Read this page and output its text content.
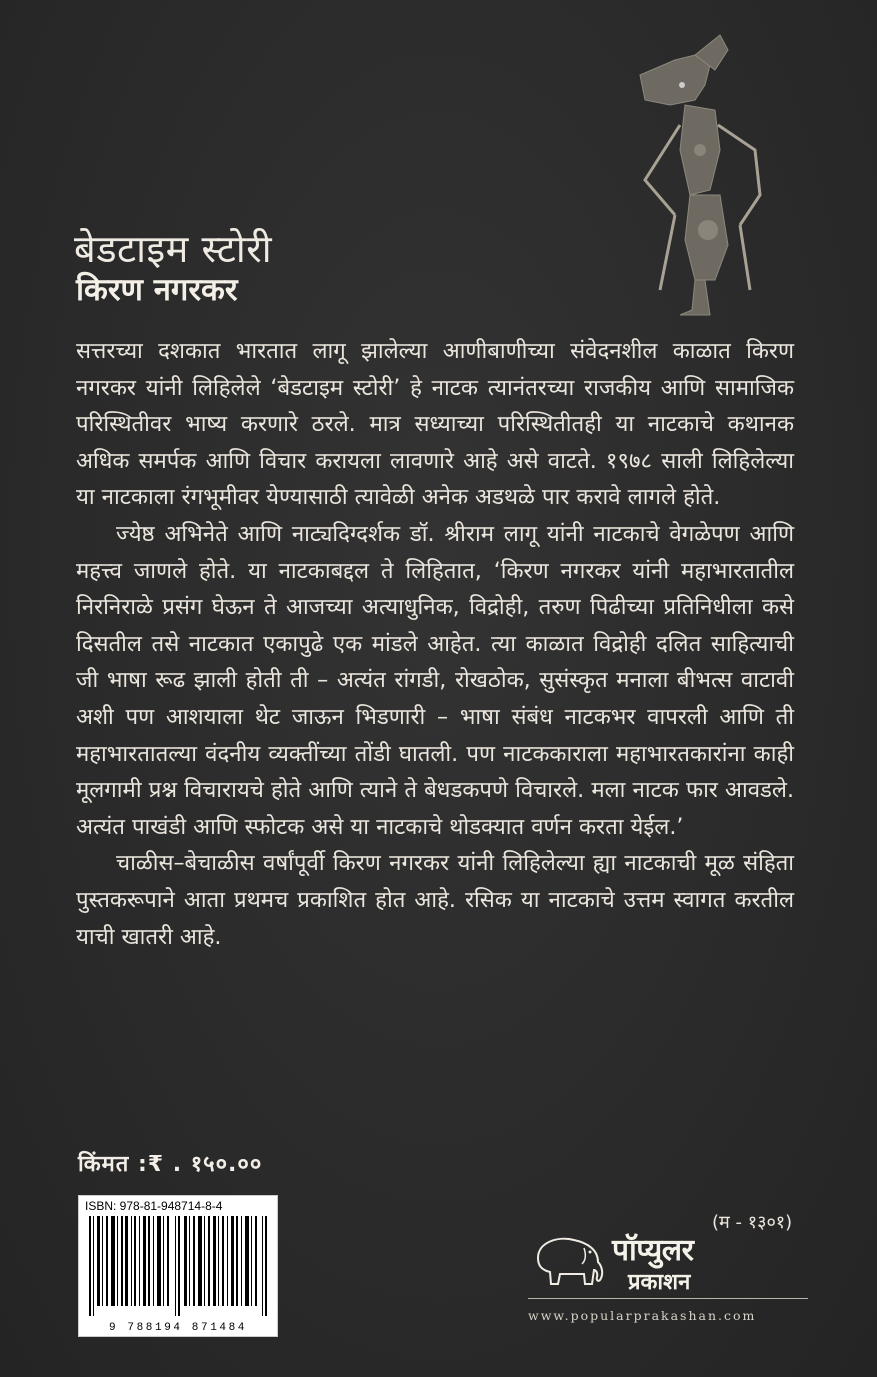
बेडटाइम स्टोरी
किरण नगरकर

सत्तरच्या दशकात भारतात लागू झालेल्या आणीबाणीच्या संवेदनशील काळात किरण नगरकर यांनी लिहिलेले ‘बेडटाइम स्टोरी’ हे नाटक त्यानंतरच्या राजकीय आणि सामाजिक परिस्थितीवर भाष्य करणारे ठरले. मात्र सध्याच्या परिस्थितीतही या नाटकाचे कथानक अधिक समर्पक आणि विचार करायला लावणारे आहे असे वाटते. १९७८ साली लिहिलेल्या या नाटकाला रंगभूमीवर येण्यासाठी त्यावेळी अनेक अडथळे पार करावे लागले होते.

ज्येष्ठ अभिनेते आणि नाट्यदिग्दर्शक डॉ. श्रीराम लागू यांनी नाटकाचे वेगळेपण आणि महत्त्व जाणले होते. या नाटकाबद्दल ते लिहितात, ‘किरण नगरकर यांनी महाभारतातील निरनिराळे प्रसंग घेऊन ते आजच्या अत्याधुनिक, विद्रोही, तरुण पिढीच्या प्रतिनिधीला कसे दिसतील तसे नाटकात एकापुढे एक मांडले आहेत. त्या काळात विद्रोही दलित साहित्याची जी भाषा रूढ झाली होती ती – अत्यंत रांगडी, रोखठोक, सुसंस्कृत मनाला बीभत्स वाटावी अशी पण आशयाला थेट जाऊन भिडणारी – भाषा संबंध नाटकभर वापरली आणि ती महाभारतातल्या वंदनीय व्यक्तींच्या तोंडी घातली. पण नाटककाराला महाभारतकारांना काही मूलगामी प्रश्न विचारायचे होते आणि त्याने ते बेधडकपणे विचारले. मला नाटक फार आवडले. अत्यंत पाखंडी आणि स्फोटक असे या नाटकाचे थोडक्यात वर्णन करता येईल.’

चाळीस–बेचाळीस वर्षांपूर्वी किरण नगरकर यांनी लिहिलेल्या ह्या नाटकाची मूळ संहिता पुस्तकरूपाने आता प्रथमच प्रकाशित होत आहे. रसिक या नाटकाचे उत्तम स्वागत करतील याची खातरी आहे.

किंमत :₹ . १५०.००
ISBN: 978-81-948714-8-4
9 788194 871484
(म - १३०१)
पॉप्युलर
प्रकाशन
www.popularprakashan.com
